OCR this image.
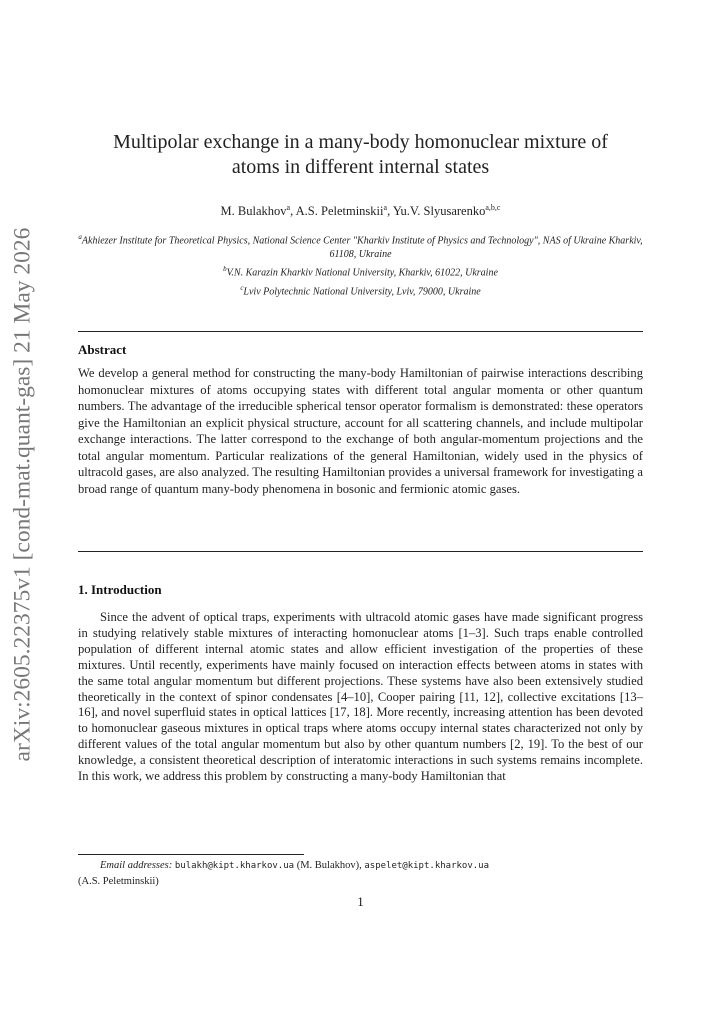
arXiv:2605.22375v1 [cond-mat.quant-gas] 21 May 2026
Multipolar exchange in a many-body homonuclear mixture of
atoms in different internal states
M. Bulakhov$^a$, A.S. Peletminskii$^a$, Yu.V. Slyusarenko$^{a,b,c}$
$^a$Akhiezer Institute for Theoretical Physics, National Science Center "Kharkiv Institute of Physics and Technology", NAS of Ukraine Kharkiv, 61108, Ukraine
$^b$V.N. Karazin Kharkiv National University, Kharkiv, 61022, Ukraine
$^c$Lviv Polytechnic National University, Lviv, 79000, Ukraine
Abstract
We develop a general method for constructing the many-body Hamiltonian of pairwise interactions describing homonuclear mixtures of atoms occupying states with different total angular momenta or other quantum numbers. The advantage of the irreducible spherical tensor operator formalism is demonstrated: these operators give the Hamiltonian an explicit physical structure, account for all scattering channels, and include multipolar exchange interactions. The latter correspond to the exchange of both angular-momentum projections and the total angular momentum. Particular realizations of the general Hamiltonian, widely used in the physics of ultracold gases, are also analyzed. The resulting Hamiltonian provides a universal framework for investigating a broad range of quantum many-body phenomena in bosonic and fermionic atomic gases.
1. Introduction
Since the advent of optical traps, experiments with ultracold atomic gases have made significant progress in studying relatively stable mixtures of interacting homonuclear atoms [1–3]. Such traps enable controlled population of different internal atomic states and allow efficient investigation of the properties of these mixtures. Until recently, experiments have mainly focused on interaction effects between atoms in states with the same total angular momentum but different projections. These systems have also been extensively studied theoretically in the context of spinor condensates [4–10], Cooper pairing [11, 12], collective excitations [13–16], and novel superfluid states in optical lattices [17, 18]. More recently, increasing attention has been devoted to homonuclear gaseous mixtures in optical traps where atoms occupy internal states characterized not only by different values of the total angular momentum but also by other quantum numbers [2, 19]. To the best of our knowledge, a consistent theoretical description of interatomic interactions in such systems remains incomplete. In this work, we address this problem by constructing a many-body Hamiltonian that
Email addresses: bulakh@kipt.kharkov.ua (M. Bulakhov), aspelet@kipt.kharkov.ua
(A.S. Peletminskii)
1
